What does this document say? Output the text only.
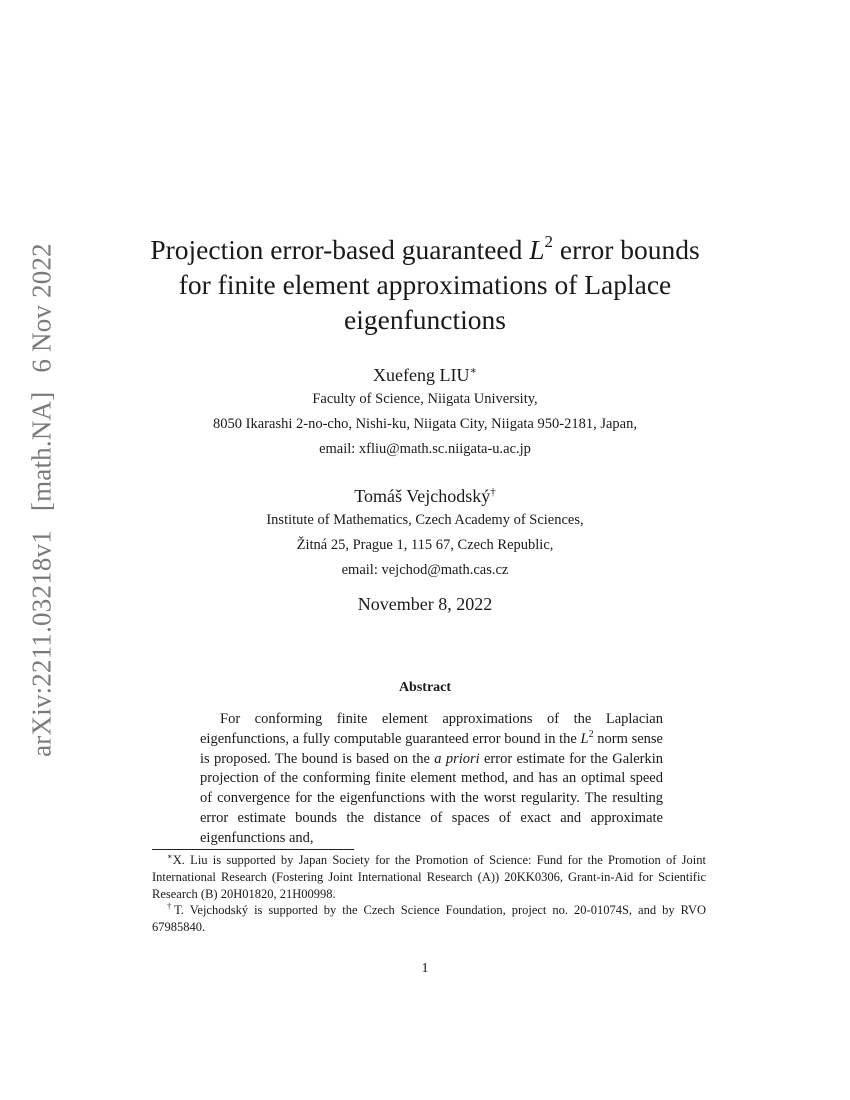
arXiv:2211.03218v1 [math.NA] 6 Nov 2022	Projection error-based guaranteed $L^2$ error bounds for finite element approximations of Laplace eigenfunctions
Xuefeng LIU∗
Faculty of Science, Niigata University,
8050 Ikarashi 2-no-cho, Nishi-ku, Niigata City, Niigata 950-2181, Japan,
email: xfliu@math.sc.niigata-u.ac.jp
Tomáš Vejchodský†
Institute of Mathematics, Czech Academy of Sciences,
Žitná 25, Prague 1, 115 67, Czech Republic,
email: vejchod@math.cas.cz
November 8, 2022
Abstract

For conforming finite element approximations of the Laplacian eigenfunctions, a fully computable guaranteed error bound in the $L^2$ norm sense is proposed. The bound is based on the a priori error estimate for the Galerkin projection of the conforming finite element method, and has an optimal speed of convergence for the eigenfunctions with the worst regularity. The resulting error estimate bounds the distance of spaces of exact and approximate eigenfunctions and,

∗X. Liu is supported by Japan Society for the Promotion of Science: Fund for the Promotion of Joint International Research (Fostering Joint International Research (A)) 20KK0306, Grant-in-Aid for Scientific Research (B) 20H01820, 21H00998.

†T. Vejchodský is supported by the Czech Science Foundation, project no. 20-01074S, and by RVO 67985840.

1
